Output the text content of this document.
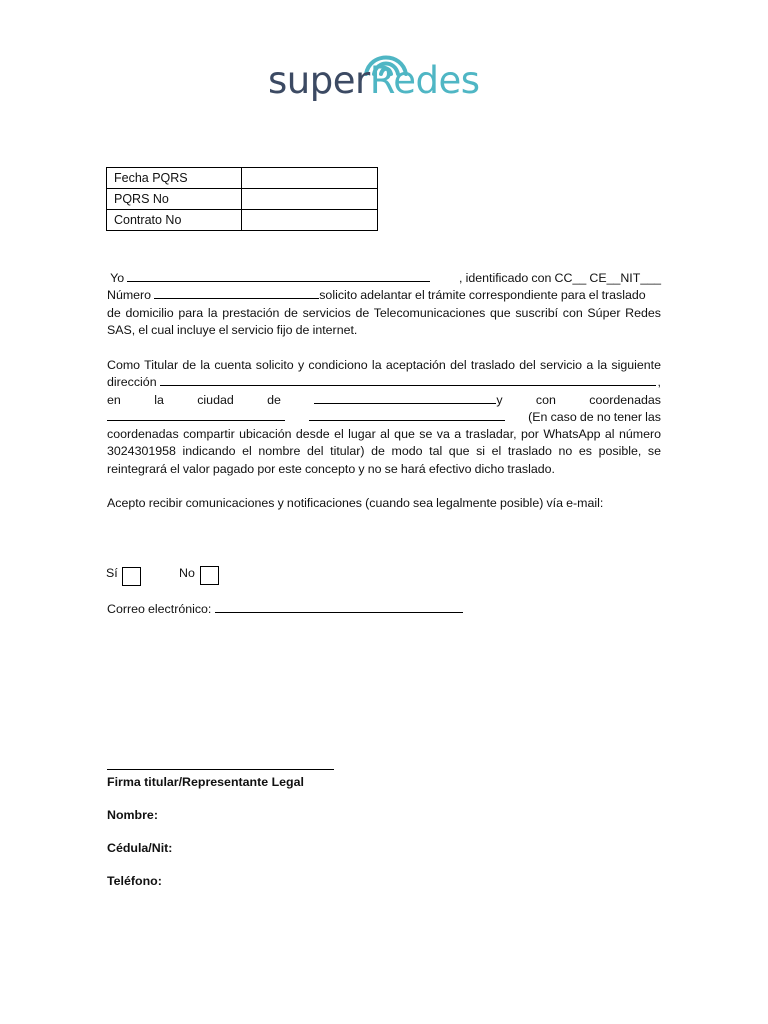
superRedes
Fecha PQRS	
PQRS No	
Contrato No	
Yo	, identificado con CC__ CE__NIT___
Número	solicito adelantar el trámite correspondiente para el traslado
de domicilio para la prestación de servicios de Telecomunicaciones que suscribí con Súper Redes
SAS, el cual incluye el servicio fijo de internet.
Como Titular de la cuenta solicito y condiciono la aceptación del traslado del servicio a la siguiente
dirección	,
en	la	ciudad	de	y	con	coordenadas
(En caso de no tener las
coordenadas compartir ubicación desde el lugar al que se va a trasladar, por WhatsApp al número
3024301958 indicando el nombre del titular) de modo tal que si el traslado no es posible, se
reintegrará el valor pagado por este concepto y no se hará efectivo dicho traslado.
Acepto recibir comunicaciones y notificaciones (cuando sea legalmente posible) vía e-mail:
Sí	No
Correo electrónico:
Firma titular/Representante Legal
Nombre:
Cédula/Nit:
Teléfono:
